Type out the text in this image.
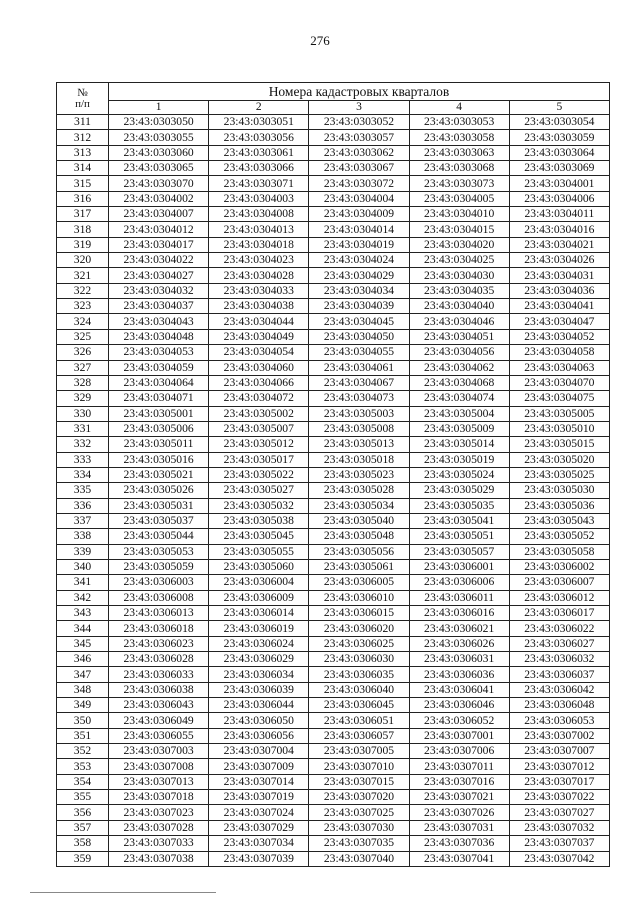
276
№
п/п	Номера кадастровых кварталов				
	1	2	3	4	5
311	23:43:0303050	23:43:0303051	23:43:0303052	23:43:0303053	23:43:0303054
312	23:43:0303055	23:43:0303056	23:43:0303057	23:43:0303058	23:43:0303059
313	23:43:0303060	23:43:0303061	23:43:0303062	23:43:0303063	23:43:0303064
314	23:43:0303065	23:43:0303066	23:43:0303067	23:43:0303068	23:43:0303069
315	23:43:0303070	23:43:0303071	23:43:0303072	23:43:0303073	23:43:0304001
316	23:43:0304002	23:43:0304003	23:43:0304004	23:43:0304005	23:43:0304006
317	23:43:0304007	23:43:0304008	23:43:0304009	23:43:0304010	23:43:0304011
318	23:43:0304012	23:43:0304013	23:43:0304014	23:43:0304015	23:43:0304016
319	23:43:0304017	23:43:0304018	23:43:0304019	23:43:0304020	23:43:0304021
320	23:43:0304022	23:43:0304023	23:43:0304024	23:43:0304025	23:43:0304026
321	23:43:0304027	23:43:0304028	23:43:0304029	23:43:0304030	23:43:0304031
322	23:43:0304032	23:43:0304033	23:43:0304034	23:43:0304035	23:43:0304036
323	23:43:0304037	23:43:0304038	23:43:0304039	23:43:0304040	23:43:0304041
324	23:43:0304043	23:43:0304044	23:43:0304045	23:43:0304046	23:43:0304047
325	23:43:0304048	23:43:0304049	23:43:0304050	23:43:0304051	23:43:0304052
326	23:43:0304053	23:43:0304054	23:43:0304055	23:43:0304056	23:43:0304058
327	23:43:0304059	23:43:0304060	23:43:0304061	23:43:0304062	23:43:0304063
328	23:43:0304064	23:43:0304066	23:43:0304067	23:43:0304068	23:43:0304070
329	23:43:0304071	23:43:0304072	23:43:0304073	23:43:0304074	23:43:0304075
330	23:43:0305001	23:43:0305002	23:43:0305003	23:43:0305004	23:43:0305005
331	23:43:0305006	23:43:0305007	23:43:0305008	23:43:0305009	23:43:0305010
332	23:43:0305011	23:43:0305012	23:43:0305013	23:43:0305014	23:43:0305015
333	23:43:0305016	23:43:0305017	23:43:0305018	23:43:0305019	23:43:0305020
334	23:43:0305021	23:43:0305022	23:43:0305023	23:43:0305024	23:43:0305025
335	23:43:0305026	23:43:0305027	23:43:0305028	23:43:0305029	23:43:0305030
336	23:43:0305031	23:43:0305032	23:43:0305034	23:43:0305035	23:43:0305036
337	23:43:0305037	23:43:0305038	23:43:0305040	23:43:0305041	23:43:0305043
338	23:43:0305044	23:43:0305045	23:43:0305048	23:43:0305051	23:43:0305052
339	23:43:0305053	23:43:0305055	23:43:0305056	23:43:0305057	23:43:0305058
340	23:43:0305059	23:43:0305060	23:43:0305061	23:43:0306001	23:43:0306002
341	23:43:0306003	23:43:0306004	23:43:0306005	23:43:0306006	23:43:0306007
342	23:43:0306008	23:43:0306009	23:43:0306010	23:43:0306011	23:43:0306012
343	23:43:0306013	23:43:0306014	23:43:0306015	23:43:0306016	23:43:0306017
344	23:43:0306018	23:43:0306019	23:43:0306020	23:43:0306021	23:43:0306022
345	23:43:0306023	23:43:0306024	23:43:0306025	23:43:0306026	23:43:0306027
346	23:43:0306028	23:43:0306029	23:43:0306030	23:43:0306031	23:43:0306032
347	23:43:0306033	23:43:0306034	23:43:0306035	23:43:0306036	23:43:0306037
348	23:43:0306038	23:43:0306039	23:43:0306040	23:43:0306041	23:43:0306042
349	23:43:0306043	23:43:0306044	23:43:0306045	23:43:0306046	23:43:0306048
350	23:43:0306049	23:43:0306050	23:43:0306051	23:43:0306052	23:43:0306053
351	23:43:0306055	23:43:0306056	23:43:0306057	23:43:0307001	23:43:0307002
352	23:43:0307003	23:43:0307004	23:43:0307005	23:43:0307006	23:43:0307007
353	23:43:0307008	23:43:0307009	23:43:0307010	23:43:0307011	23:43:0307012
354	23:43:0307013	23:43:0307014	23:43:0307015	23:43:0307016	23:43:0307017
355	23:43:0307018	23:43:0307019	23:43:0307020	23:43:0307021	23:43:0307022
356	23:43:0307023	23:43:0307024	23:43:0307025	23:43:0307026	23:43:0307027
357	23:43:0307028	23:43:0307029	23:43:0307030	23:43:0307031	23:43:0307032
358	23:43:0307033	23:43:0307034	23:43:0307035	23:43:0307036	23:43:0307037
359	23:43:0307038	23:43:0307039	23:43:0307040	23:43:0307041	23:43:0307042
